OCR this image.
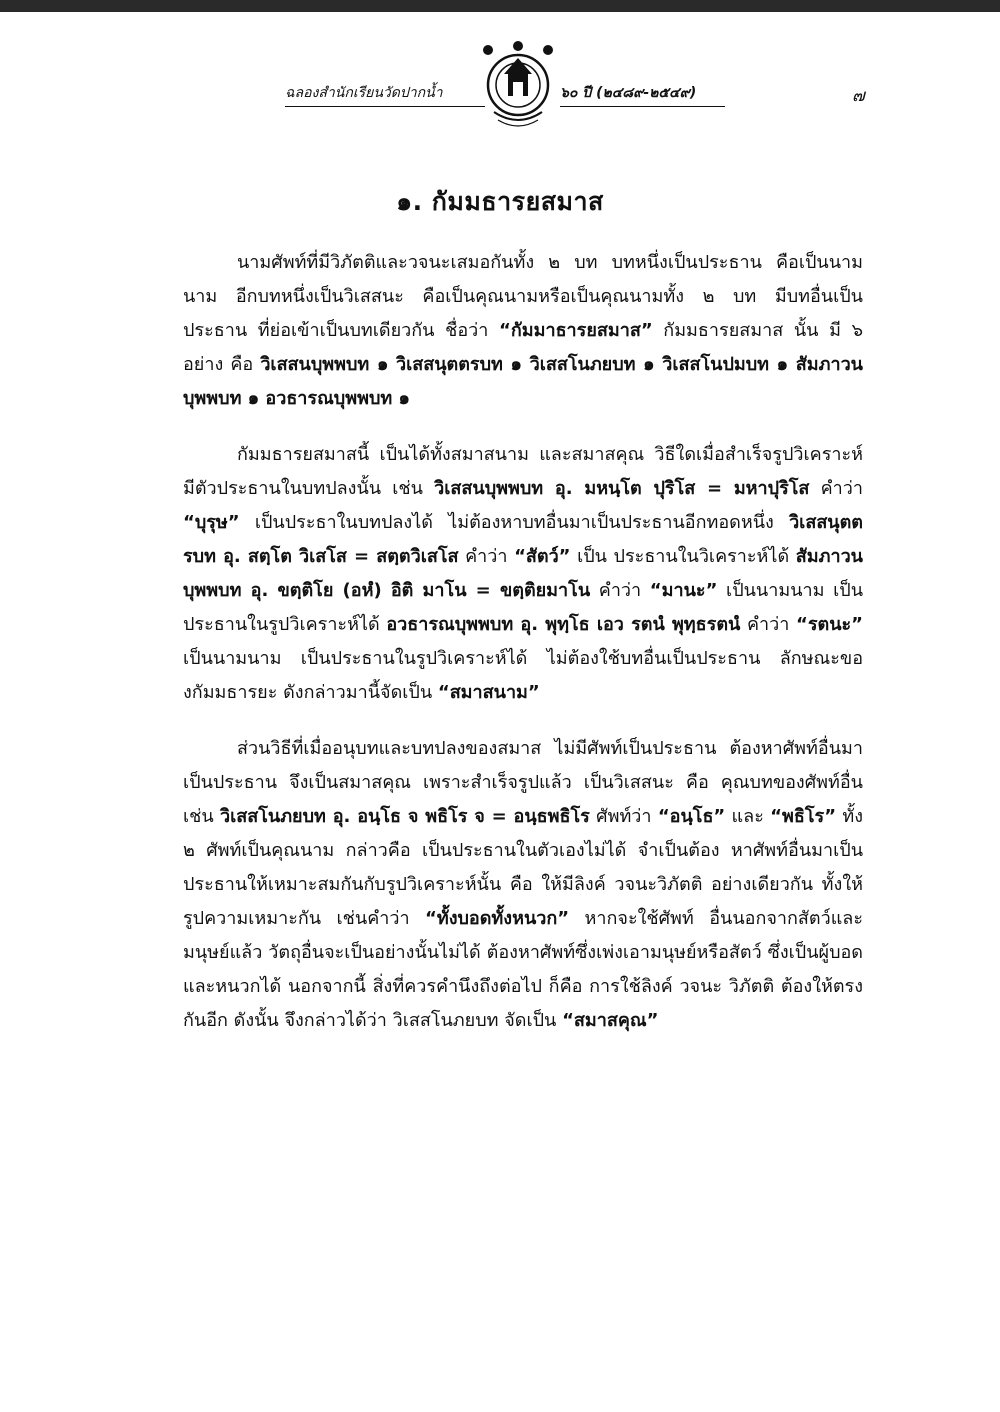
ฉลองสำนักเรียนวัดปากน้ำ	๖๐ ปี (๒๔๘๙-๒๕๔๙)	๗
๑. กัมมธารยสมาส

นามศัพท์ที่มีวิภัตติและวจนะเสมอกันทั้ง ๒ บท บทหนึ่งเป็นประธาน คือเป็นนามนาม อีกบทหนึ่งเป็นวิเสสนะ คือเป็นคุณนามหรือเป็นคุณนามทั้ง ๒ บท มีบทอื่นเป็นประธาน ที่ย่อเข้าเป็นบทเดียวกัน ชื่อว่า “กัมมาธารยสมาส” กัมมธารยสมาส นั้น มี ๖ อย่าง คือ วิเสสนบุพพบท ๑ วิเสสนุตตรบท ๑ วิเสสโนภยบท ๑ วิเสสโนปมบท ๑ สัมภาวนบุพพบท ๑ อวธารณบุพพบท ๑

กัมมธารยสมาสนี้ เป็นได้ทั้งสมาสนาม และสมาสคุณ วิธีใดเมื่อสำเร็จรูปวิเคราะห์ มีตัวประธานในบทปลงนั้น เช่น วิเสสนบุพพบท อุ. มหนฺโต ปุริโส = มหาปุริโส คำว่า “บุรุษ” เป็นประธาในบทปลงได้ ไม่ต้องหาบทอื่นมาเป็นประธานอีกทอดหนึ่ง วิเสสนุตตรบท อุ. สตฺโต วิเสโส = สตฺตวิเสโส คำว่า “สัตว์” เป็น ประธานในวิเคราะห์ได้ สัมภาวนบุพพบท อุ. ขตฺติโย (อหํ) อิติ มาโน = ขตฺติยมาโน คำว่า “มานะ” เป็นนามนาม เป็นประธานในรูปวิเคราะห์ได้ อวธารณบุพพบท อุ. พุทฺโธ เอว รตนํ พุทฺธรตนํ คำว่า “รตนะ” เป็นนามนาม เป็นประธานในรูปวิเคราะห์ได้ ไม่ต้องใช้บทอื่นเป็นประธาน ลักษณะของกัมมธารยะ ดังกล่าวมานี้จัดเป็น “สมาสนาม”

ส่วนวิธีที่เมื่ออนุบทและบทปลงของสมาส ไม่มีศัพท์เป็นประธาน ต้องหาศัพท์อื่นมาเป็นประธาน จึงเป็นสมาสคุณ เพราะสำเร็จรูปแล้ว เป็นวิเสสนะ คือ คุณบทของศัพท์อื่น เช่น วิเสสโนภยบท อุ. อนฺโธ จ พธิโร จ = อนฺธพธิโร ศัพท์ว่า “อนฺโธ” และ “พธิโร” ทั้ง ๒ ศัพท์เป็นคุณนาม กล่าวคือ เป็นประธานในตัวเองไม่ได้ จำเป็นต้อง หาศัพท์อื่นมาเป็นประธานให้เหมาะสมกันกับรูปวิเคราะห์นั้น คือ ให้มีลิงค์ วจนะวิภัตติ อย่างเดียวกัน ทั้งให้รูปความเหมาะกัน เช่นคำว่า “ทั้งบอดทั้งหนวก” หากจะใช้ศัพท์ อื่นนอกจากสัตว์และมนุษย์แล้ว วัตถุอื่นจะเป็นอย่างนั้นไม่ได้ ต้องหาศัพท์ซึ่งเพ่งเอามนุษย์หรือสัตว์ ซึ่งเป็นผู้บอดและหนวกได้ นอกจากนี้ สิ่งที่ควรคำนึงถึงต่อไป ก็คือ การใช้ลิงค์ วจนะ วิภัตติ ต้องให้ตรงกันอีก ดังนั้น จึงกล่าวได้ว่า วิเสสโนภยบท จัดเป็น “สมาสคุณ”
